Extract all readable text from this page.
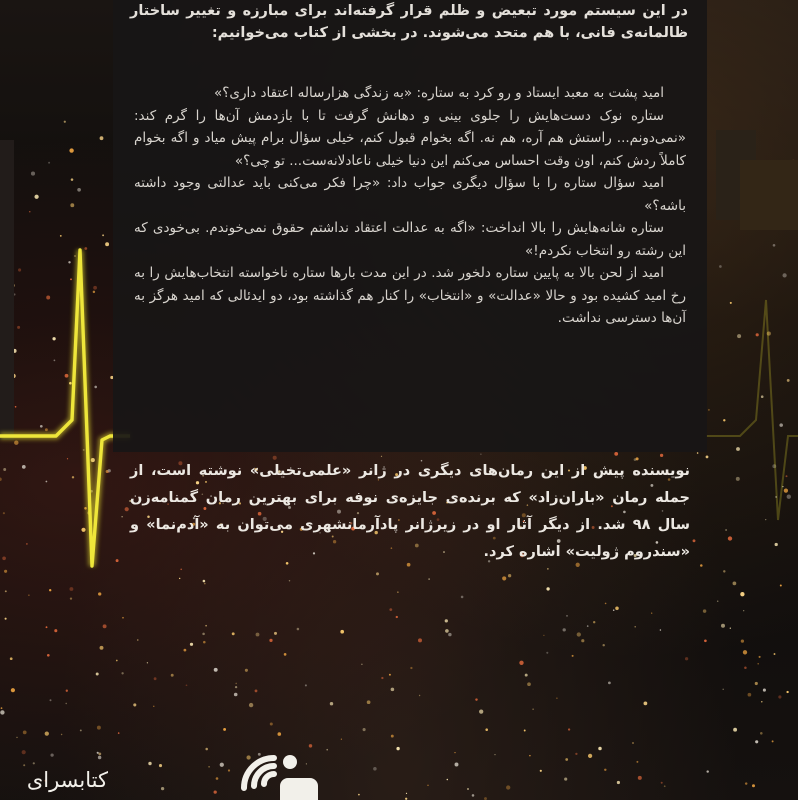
در این سیستم مورد تبعیض و ظلم قرار گرفته‌اند برای مبارزه و تغییر ساختار ظالمانه‌ی فانی، با هم متحد می‌شوند. در بخشی از کتاب می‌خوانیم:

امید پشت به معبد ایستاد و رو کرد به ستاره: «به زندگی هزارساله اعتقاد داری؟»

ستاره نوک دست‌هایش را جلوی بینی و دهانش گرفت تا با بازدمش آن‌ها را گرم کند: «نمی‌دونم... راستش هم آره، هم نه. اگه بخوام قبول کنم، خیلی سؤال برام پیش میاد و اگه بخوام کاملاً ردش کنم، اون وقت احساس می‌کنم این دنیا خیلی ناعادلانه‌ست... تو چی؟»

امید سؤال ستاره را با سؤال دیگری جواب داد: «چرا فکر می‌کنی باید عدالتی وجود داشته باشه؟»

ستاره شانه‌هایش را بالا انداخت: «اگه به عدالت اعتقاد نداشتم حقوق نمی‌خوندم. بی‌خودی که این رشته رو انتخاب نکردم!»

امید از لحن بالا به پایین ستاره دلخور شد. در این مدت بارها ستاره ناخواسته انتخاب‌هایش را به رخ امید کشیده بود و حالا «عدالت» و «انتخاب» را کنار هم گذاشته بود، دو ایدئالی که امید هرگز به آن‌ها دسترسی نداشت.

نویسنده پیش از این رمان‌های دیگری در ژانر «علمی‌تخیلی» نوشته است، از جمله رمان «باران‌زاد» که برنده‌ی جایزه‌ی نوفه برای بهترین رمان گمنامه‌زن سال ۹۸ شد. از دیگر آثار او در زیرژانر پادآرمانشهری می‌توان به «آدم‌نما» و «سندروم ژولیت» اشاره کرد.
کتابسرای
